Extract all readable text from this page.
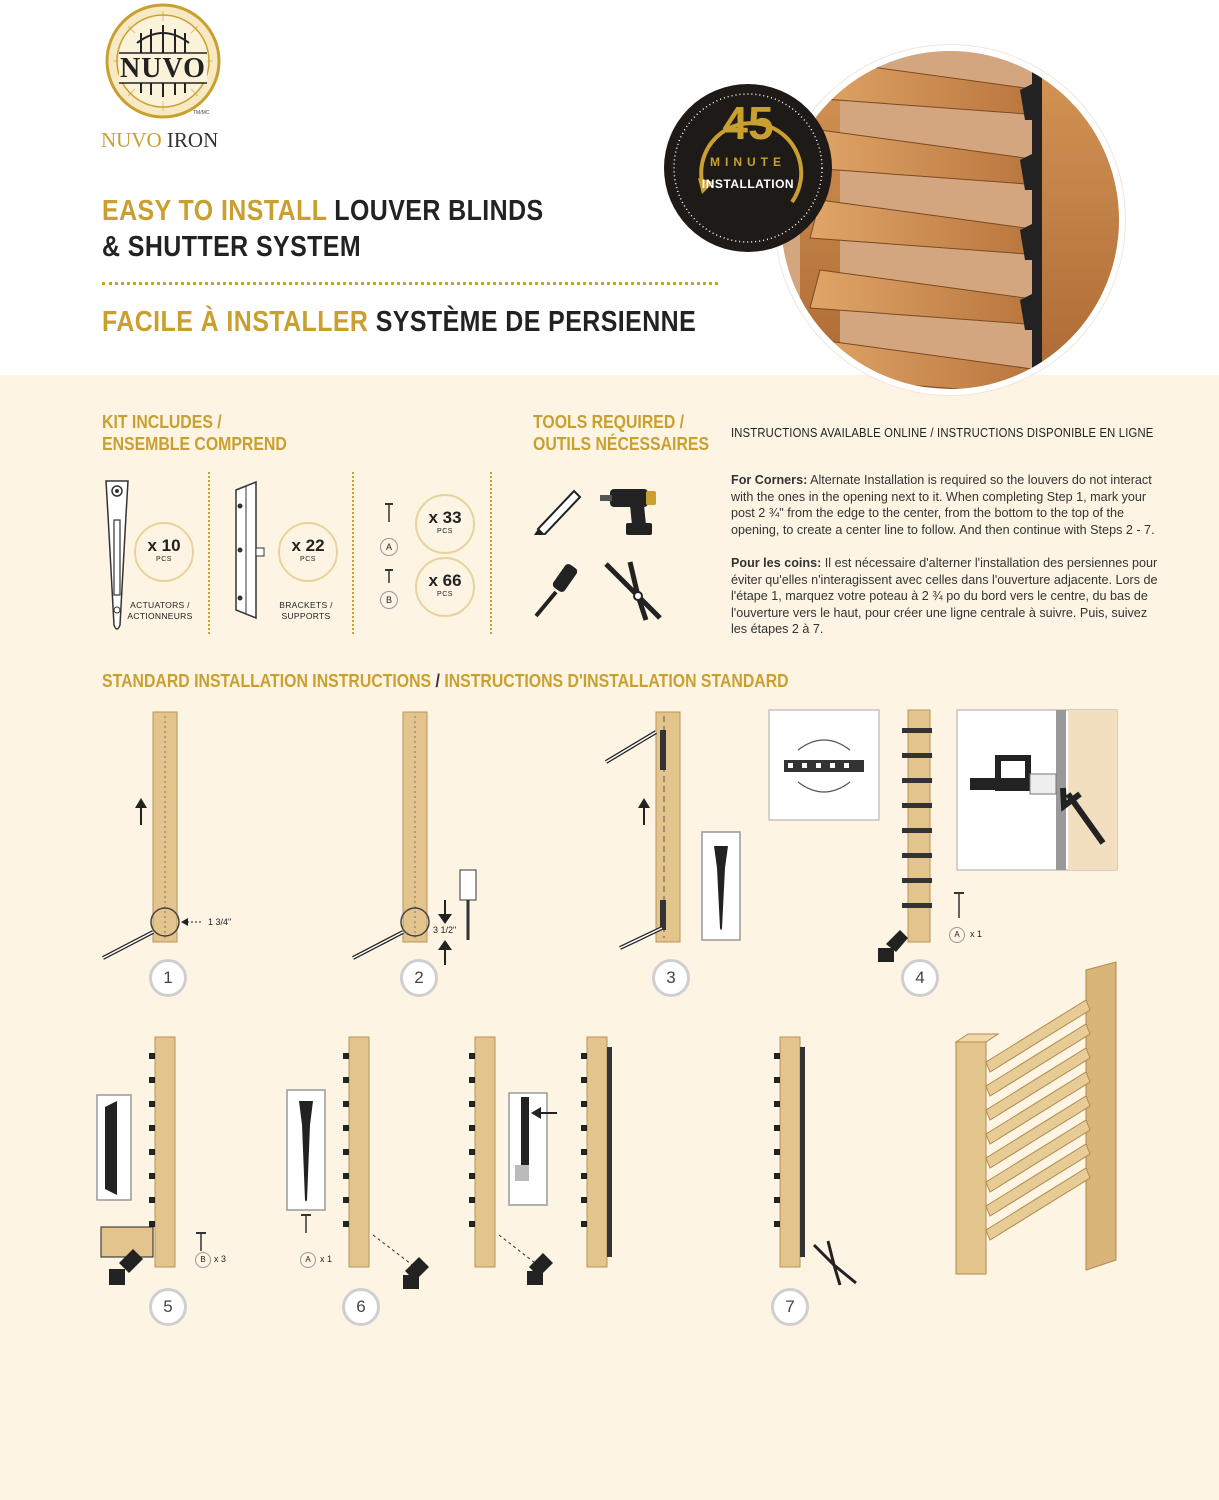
NUVO
TM/MC
NUVO IRON
EASY TO INSTALL LOUVER BLINDS
& SHUTTER SYSTEM
FACILE À INSTALLER SYSTÈME DE PERSIENNE
45
MINUTE
INSTALLATION
KIT INCLUDES /
ENSEMBLE COMPREND
x 10
PCS
ACTUATORS /
ACTIONNEURS
x 22
PCS
BRACKETS /
SUPPORTS
A
B
x 33
PCS
x 66
PCS
TOOLS REQUIRED /
OUTILS NÉCESSAIRES
INSTRUCTIONS AVAILABLE ONLINE / INSTRUCTIONS DISPONIBLE EN LIGNE
For Corners: Alternate Installation is required so the louvers do not interact with the ones in the opening next to it. When completing Step 1, mark your post 2 ¾" from the edge to the center, from the bottom to the top of the opening, to create a center line to follow. And then continue with Steps 2 - 7.
Pour les coins: Il est nécessaire d'alterner l'installation des persiennes pour éviter qu'elles n'interagissent avec celles dans l'ouverture adjacente. Lors de l'étape 1, marquez votre poteau à 2 ¾ po du bord vers le centre, du bas de l'ouverture vers le haut, pour créer une ligne centrale à suivre. Puis, suivez les étapes 2 à 7.
STANDARD INSTALLATION INSTRUCTIONS / INSTRUCTIONS D'INSTALLATION STANDARD
1 3/4"
1
3 1/2"
2	3
A	x 1
4
B x 3
5
A	x 1
6	7
